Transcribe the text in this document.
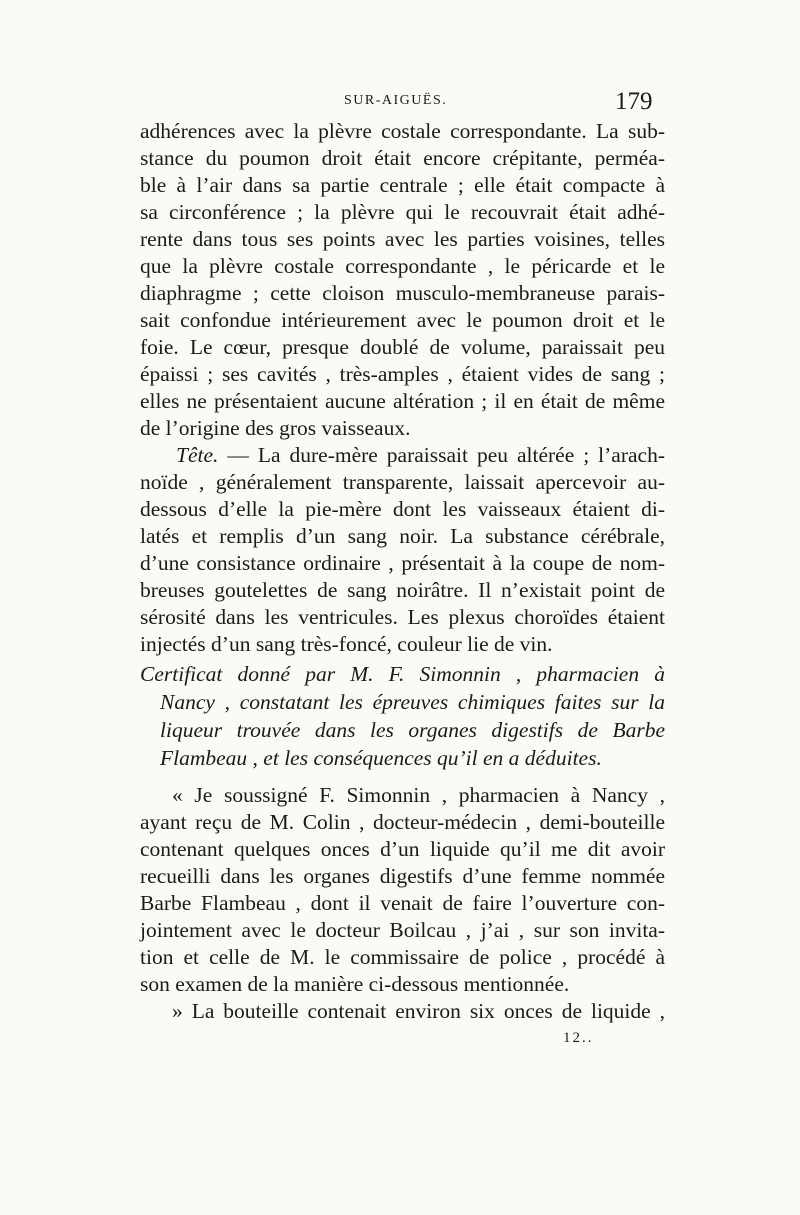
SUR-AIGUËS.	179
adhérences avec la plèvre costale correspondante. La sub-
stance du poumon droit était encore crépitante, perméa-
ble à l’air dans sa partie centrale ; elle était compacte à
sa circonférence ; la plèvre qui le recouvrait était adhé-
rente dans tous ses points avec les parties voisines, telles
que la plèvre costale correspondante , le péricarde et le
diaphragme ; cette cloison musculo-membraneuse parais-
sait confondue intérieurement avec le poumon droit et le
foie. Le cœur, presque doublé de volume, paraissait peu
épaissi ; ses cavités , très-amples , étaient vides de sang ;
elles ne présentaient aucune altération ; il en était de même
de l’origine des gros vaisseaux.
Tête. — La dure-mère paraissait peu altérée ; l’arach-
noïde , généralement transparente, laissait apercevoir au-
dessous d’elle la pie-mère dont les vaisseaux étaient di-
latés et remplis d’un sang noir. La substance cérébrale,
d’une consistance ordinaire , présentait à la coupe de nom-
breuses goutelettes de sang noirâtre. Il n’existait point de
sérosité dans les ventricules. Les plexus choroïdes étaient
injectés d’un sang très-foncé, couleur lie de vin.
Certificat donné par M. F. Simonnin , pharmacien à
Nancy , constatant les épreuves chimiques faites sur la
liqueur trouvée dans les organes digestifs de Barbe
Flambeau , et les conséquences qu’il en a déduites.
« Je soussigné F. Simonnin , pharmacien à Nancy ,
ayant reçu de M. Colin , docteur-médecin , demi-bouteille
contenant quelques onces d’un liquide qu’il me dit avoir
recueilli dans les organes digestifs d’une femme nommée
Barbe Flambeau , dont il venait de faire l’ouverture con-
jointement avec le docteur Boilcau , j’ai , sur son invita-
tion et celle de M. le commissaire de police , procédé à
son examen de la manière ci-dessous mentionnée.
» La bouteille contenait environ six onces de liquide ,
12..
